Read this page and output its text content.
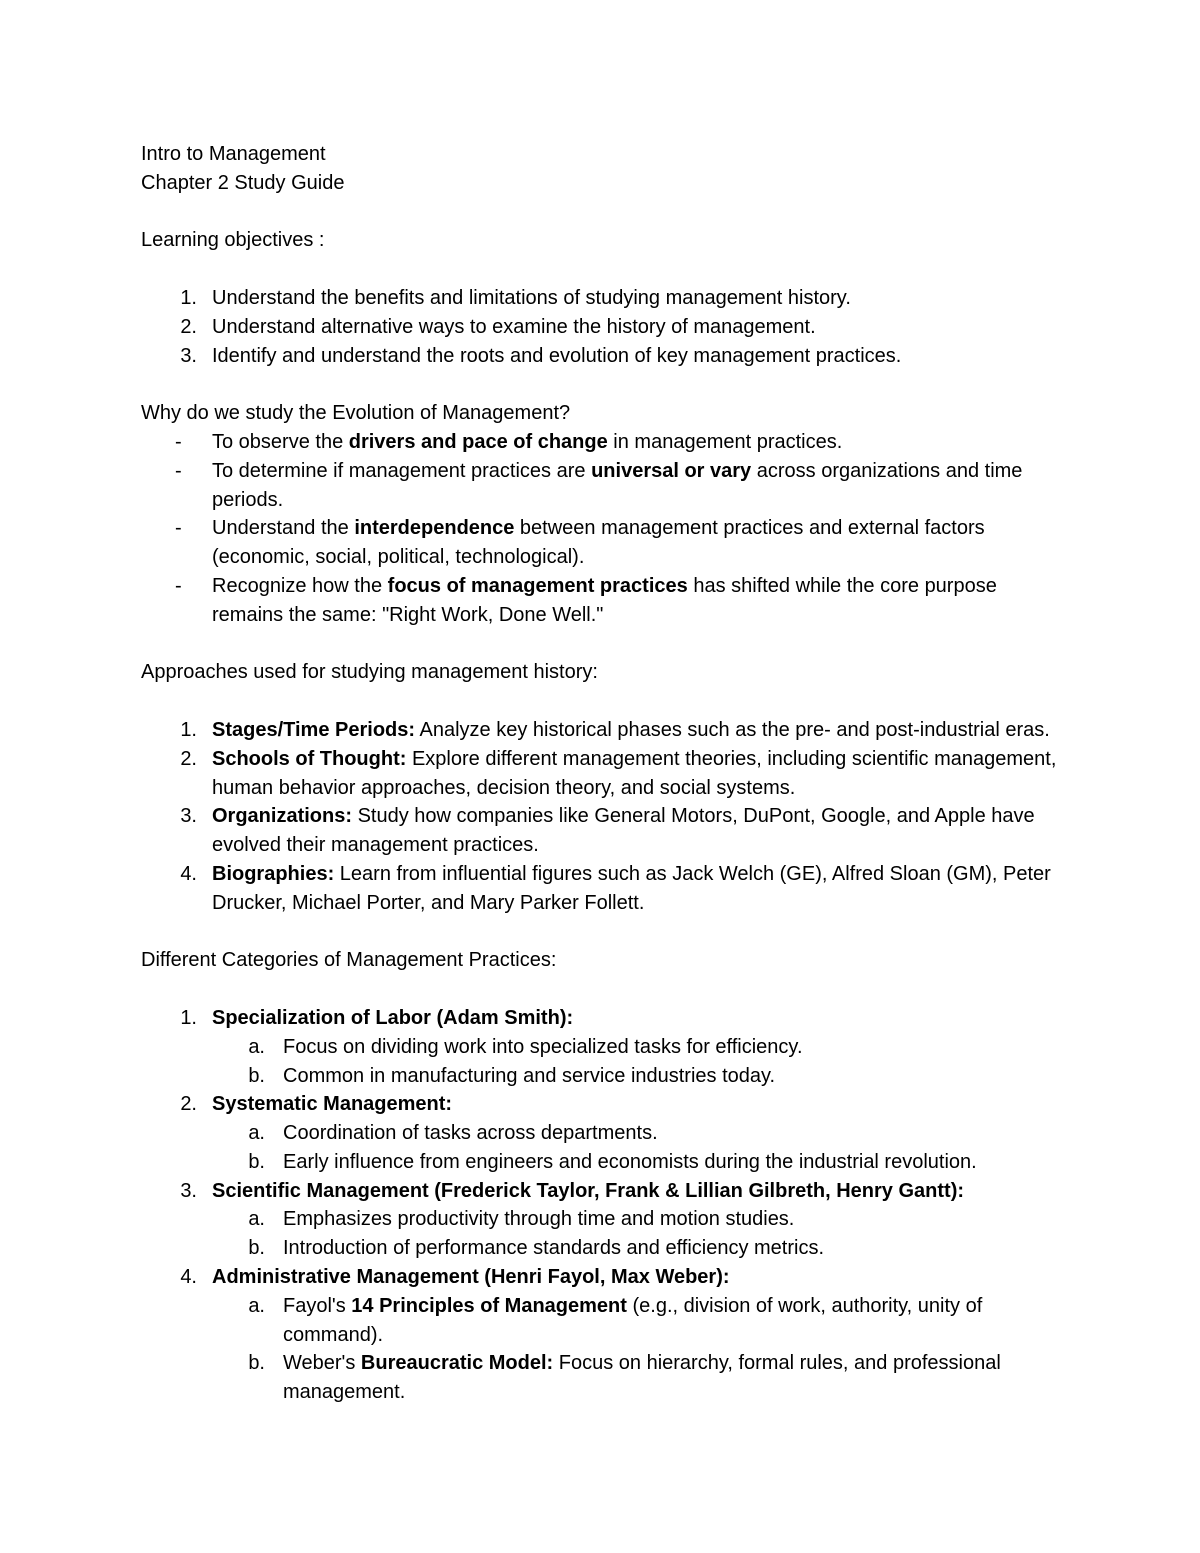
Intro to Management
Chapter 2 Study Guide
Learning objectives :
1. Understand the benefits and limitations of studying management history.
2. Understand alternative ways to examine the history of management.
3. Identify and understand the roots and evolution of key management practices.
Why do we study the Evolution of Management?
- To observe the drivers and pace of change in management practices.
- To determine if management practices are universal or vary across organizations and time periods.
- Understand the interdependence between management practices and external factors (economic, social, political, technological).
- Recognize how the focus of management practices has shifted while the core purpose remains the same: "Right Work, Done Well."
Approaches used for studying management history:
1. Stages/Time Periods: Analyze key historical phases such as the pre- and post-industrial eras.
2. Schools of Thought: Explore different management theories, including scientific management, human behavior approaches, decision theory, and social systems.
3. Organizations: Study how companies like General Motors, DuPont, Google, and Apple have evolved their management practices.
4. Biographies: Learn from influential figures such as Jack Welch (GE), Alfred Sloan (GM), Peter Drucker, Michael Porter, and Mary Parker Follett.
Different Categories of Management Practices:
1. Specialization of Labor (Adam Smith):
a. Focus on dividing work into specialized tasks for efficiency.
b. Common in manufacturing and service industries today.
2. Systematic Management:
a. Coordination of tasks across departments.
b. Early influence from engineers and economists during the industrial revolution.
3. Scientific Management (Frederick Taylor, Frank & Lillian Gilbreth, Henry Gantt):
a. Emphasizes productivity through time and motion studies.
b. Introduction of performance standards and efficiency metrics.
4. Administrative Management (Henri Fayol, Max Weber):
a. Fayol's 14 Principles of Management (e.g., division of work, authority, unity of
command).
b. Weber's Bureaucratic Model: Focus on hierarchy, formal rules, and professional
management.
